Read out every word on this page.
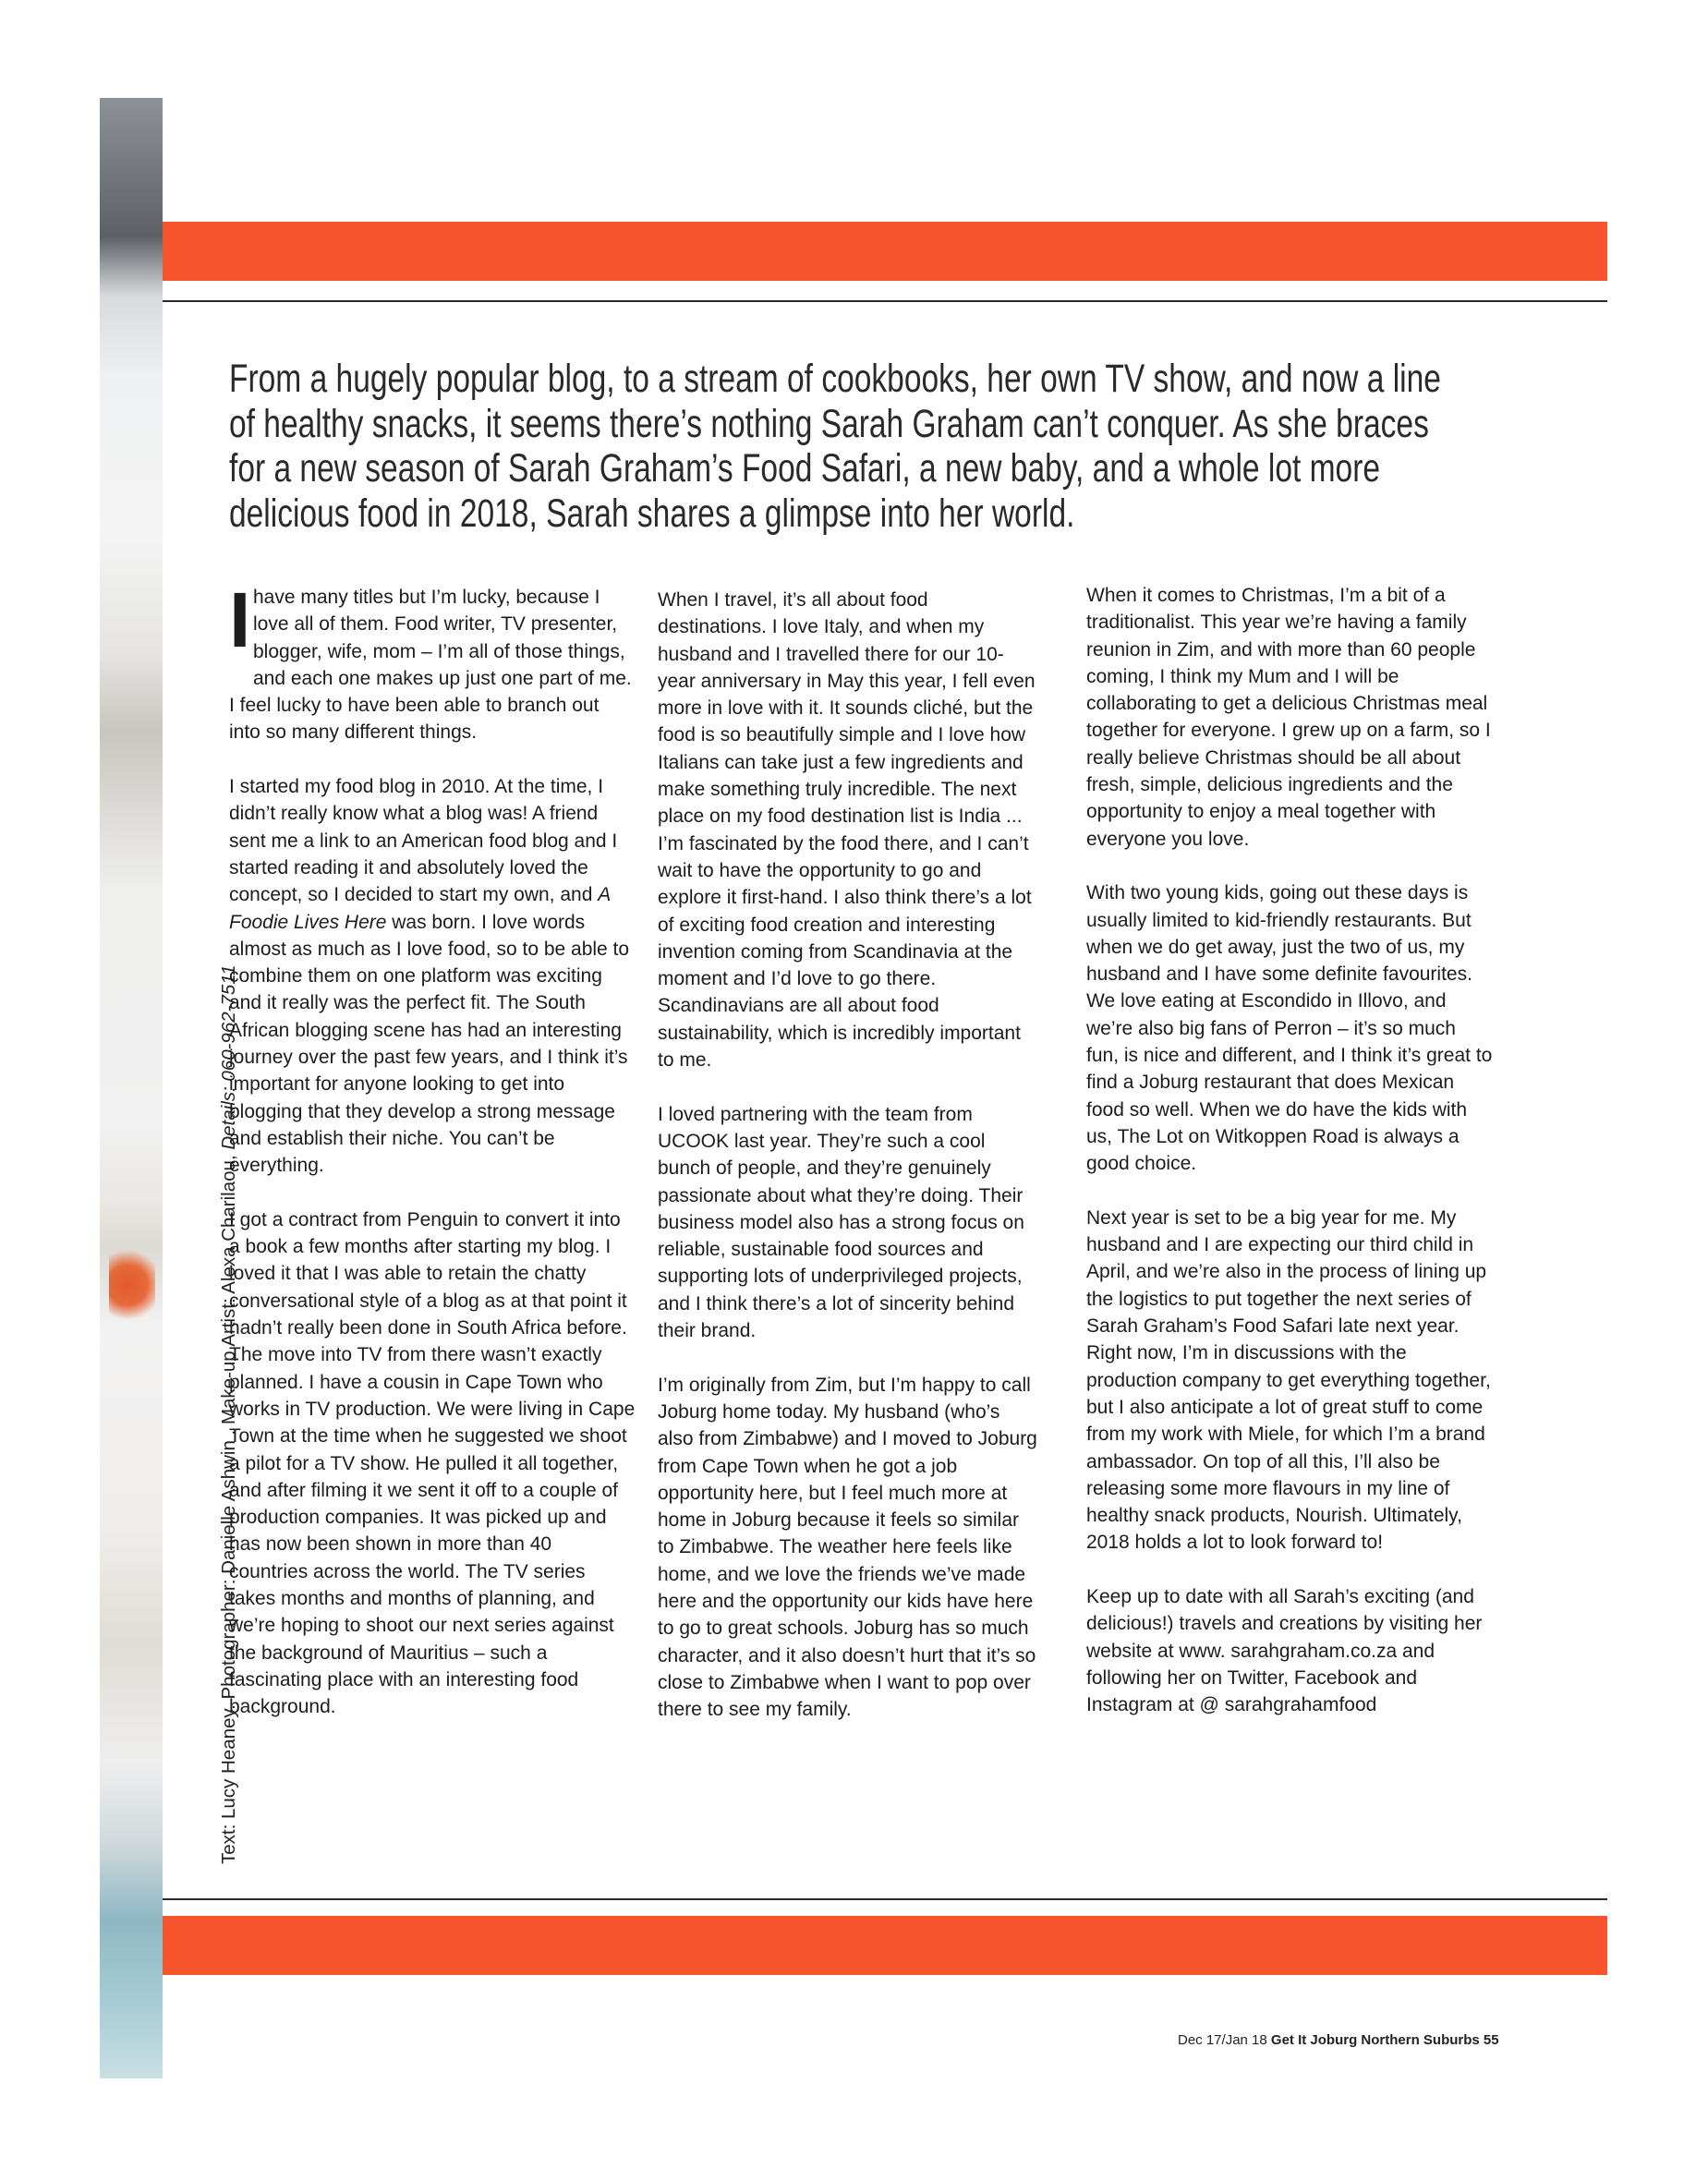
Text: Lucy Heaney. Photographer: Danielle Ashwin . Make-up Artist: Alexa Charilaou, Details: 060-962-7511
From a hugely popular blog, to a stream of cookbooks, her own TV show, and now a line of healthy snacks, it seems there’s nothing Sarah Graham can’t conquer. As she braces for a new season of Sarah Graham’s Food Safari, a new baby, and a whole lot more delicious food in 2018, Sarah shares a glimpse into her world.

Ihave many titles but I’m lucky, because I love all of them. Food writer, TV presenter, blogger, wife, mom – I’m all of those things, and each one makes up just one part of me. I feel lucky to have been able to branch out into so many different things.

I started my food blog in 2010. At the time, I didn’t really know what a blog was! A friend sent me a link to an American food blog and I started reading it and absolutely loved the concept, so I decided to start my own, and A Foodie Lives Here was born. I love words almost as much as I love food, so to be able to combine them on one platform was exciting and it really was the perfect fit. The South African blogging scene has had an interesting journey over the past few years, and I think it’s important for anyone looking to get into blogging that they develop a strong message and establish their niche. You can’t be everything.

I got a contract from Penguin to convert it into a book a few months after starting my blog. I loved it that I was able to retain the chatty conversational style of a blog as at that point it hadn’t really been done in South Africa before. The move into TV from there wasn’t exactly planned. I have a cousin in Cape Town who works in TV production. We were living in Cape Town at the time when he suggested we shoot a pilot for a TV show. He pulled it all together, and after filming it we sent it off to a couple of production companies. It was picked up and has now been shown in more than 40 countries across the world. The TV series takes months and months of planning, and we’re hoping to shoot our next series against the background of Mauritius – such a fascinating place with an interesting food background.

When I travel, it’s all about food destinations. I love Italy, and when my husband and I travelled there for our 10-year anniversary in May this year, I fell even more in love with it. It sounds cliché, but the food is so beautifully simple and I love how Italians can take just a few ingredients and make something truly incredible. The next place on my food destination list is India ... I’m fascinated by the food there, and I can’t wait to have the opportunity to go and explore it first-hand. I also think there’s a lot of exciting food creation and interesting invention coming from Scandinavia at the moment and I’d love to go there. Scandinavians are all about food sustainability, which is incredibly important to me.

I loved partnering with the team from UCOOK last year. They’re such a cool bunch of people, and they’re genuinely passionate about what they’re doing. Their business model also has a strong focus on reliable, sustainable food sources and supporting lots of underprivileged projects, and I think there’s a lot of sincerity behind their brand.

I’m originally from Zim, but I’m happy to call Joburg home today. My husband (who’s also from Zimbabwe) and I moved to Joburg from Cape Town when he got a job opportunity here, but I feel much more at home in Joburg because it feels so similar to Zimbabwe. The weather here feels like home, and we love the friends we’ve made here and the opportunity our kids have here to go to great schools. Joburg has so much character, and it also doesn’t hurt that it’s so close to Zimbabwe when I want to pop over there to see my family.

When it comes to Christmas, I’m a bit of a traditionalist. This year we’re having a family reunion in Zim, and with more than 60 people coming, I think my Mum and I will be collaborating to get a delicious Christmas meal together for everyone. I grew up on a farm, so I really believe Christmas should be all about fresh, simple, delicious ingredients and the opportunity to enjoy a meal together with everyone you love.

With two young kids, going out these days is usually limited to kid-friendly restaurants. But when we do get away, just the two of us, my husband and I have some definite favourites. We love eating at Escondido in Illovo, and we’re also big fans of Perron – it’s so much fun, is nice and different, and I think it’s great to find a Joburg restaurant that does Mexican food so well. When we do have the kids with us, The Lot on Witkoppen Road is always a good choice.

Next year is set to be a big year for me. My husband and I are expecting our third child in April, and we’re also in the process of lining up the logistics to put together the next series of Sarah Graham’s Food Safari late next year. Right now, I’m in discussions with the production company to get everything together, but I also anticipate a lot of great stuff to come from my work with Miele, for which I’m a brand ambassador. On top of all this, I’ll also be releasing some more flavours in my line of healthy snack products, Nourish. Ultimately, 2018 holds a lot to look forward to!

Keep up to date with all Sarah’s exciting (and delicious!) travels and creations by visiting her website at www. sarahgraham.co.za and following her on Twitter, Facebook and Instagram at @ sarahgrahamfood

Dec 17/Jan 18 Get It Joburg Northern Suburbs 55
